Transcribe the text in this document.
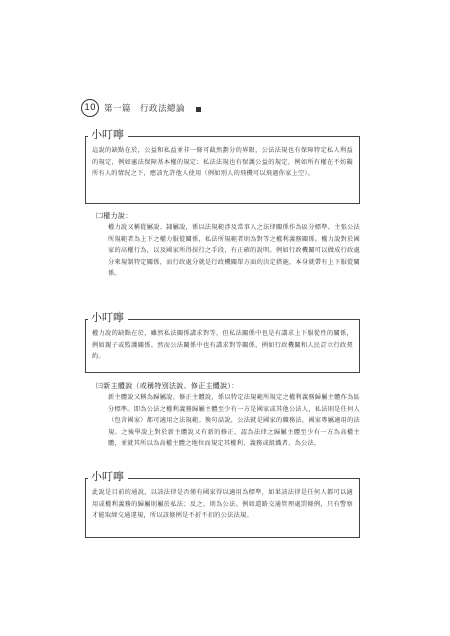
10 第一篇　行政法總論
這說的缺點在於，公益和私益並非一條可截然劃分的界限，公法法規也有保障特定私人利益的規定，例如憲法保障基本權的規定；私法法規也有保護公益的規定，例如所有權在不妨礙所有人的情況之下，應該允許他人使用（例如別人的飛機可以飛過你家上空）。
小叮嚀
㈡權力說：
權力說又稱從屬說、隸屬說，係以法規範涉及當事人之法律關係作為區分標準。主張公法所規範者為上下之權力服從關係，私法所規範者則為對等之權利義務關係。權力說對於國家的高權行為，以及國家所得採行之手段，有正確的說明。例如行政機關可以做成行政處分來規制特定關係，而行政處分就是行政機關單方面的決定措施，本身就帶有上下服從關係。
權力說的缺點在於，雖然私法關係講求對等，但私法關係中也是有講求上下服從性的關係，例如親子或監護關係。然而公法關係中也有講求對等關係，例如行政機關和人民訂立行政契約。
小叮嚀
㈢新主體說（或稱特別法說、修正主體說）：
新主體說又稱為歸屬說、修正主體說，係以特定法規範所規定之權利義務歸屬主體作為區分標準。即為公法之權利義務歸屬主體至少有一方是國家或其他公法人，私法則是任何人（包含國家）都可適用之法規範。換句話說，公法就是國家的職務法，國家專屬適用的法規。之後學說上對於新主體說又有新的修正，認為法律之歸屬主體至少有一方為高權主體，並就其所以為高權主體之地位而規定其權利、義務或組織者，為公法。
此說是目前的通說，以該法律是否僅有國家得以適用為標準，如果該法律是任何人都可以適用或權利義務的歸屬則屬於私法；反之，則為公法。例如道路交通管理處罰條例，只有警察才能取締交通違規，所以該條例是不折不扣的公法法規。
小叮嚀
